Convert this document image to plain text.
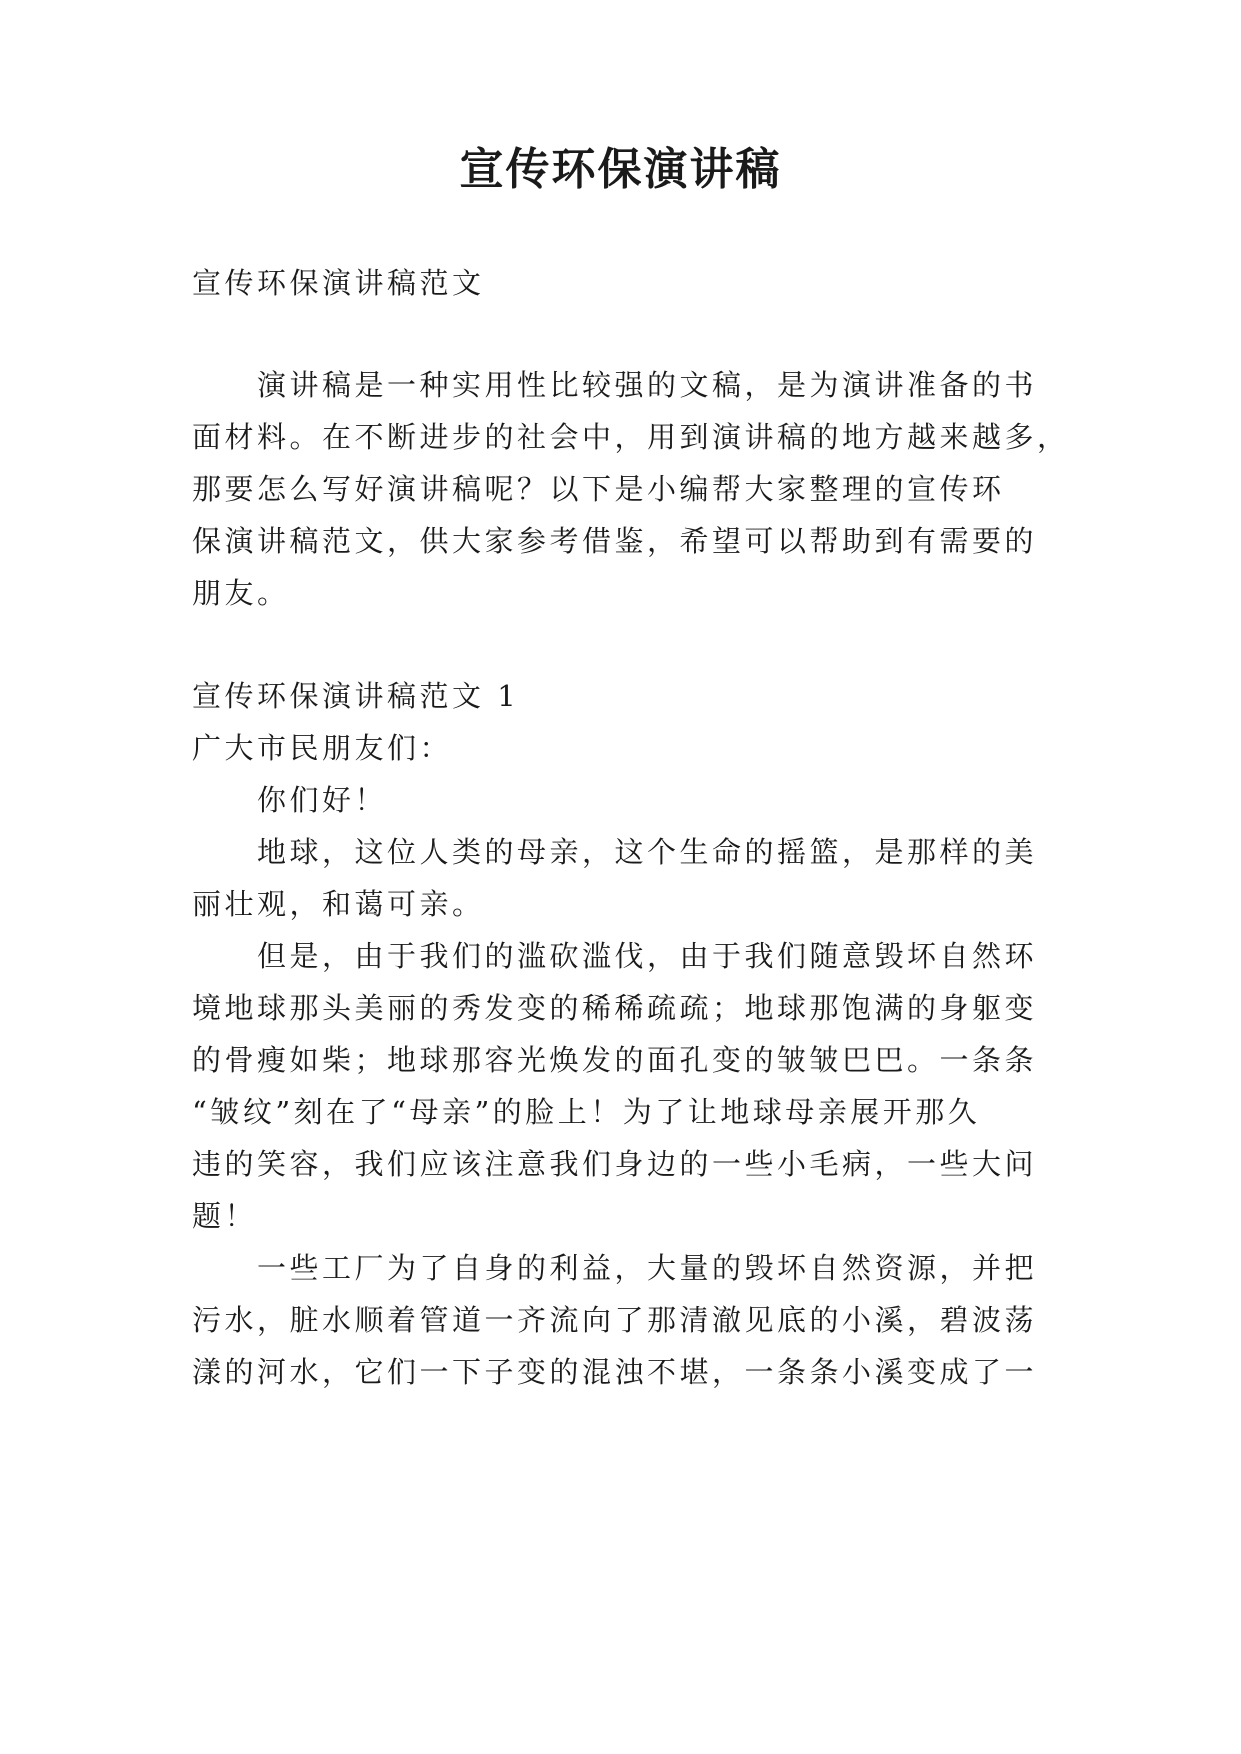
宣传环保演讲稿
宣传环保演讲稿范文
演讲稿是一种实用性比较强的文稿，是为演讲准备的书
面材料。在不断进步的社会中，用到演讲稿的地方越来越多，
那要怎么写好演讲稿呢？以下是小编帮大家整理的宣传环
保演讲稿范文，供大家参考借鉴，希望可以帮助到有需要的
朋友。
宣传环保演讲稿范文 1
广大市民朋友们：
你们好！
地球，这位人类的母亲，这个生命的摇篮，是那样的美
丽壮观，和蔼可亲。
但是，由于我们的滥砍滥伐，由于我们随意毁坏自然环
境地球那头美丽的秀发变的稀稀疏疏；地球那饱满的身躯变
的骨瘦如柴；地球那容光焕发的面孔变的皱皱巴巴。一条条
“皱纹”刻在了“母亲”的脸上！为了让地球母亲展开那久
违的笑容，我们应该注意我们身边的一些小毛病，一些大问
题！
一些工厂为了自身的利益，大量的毁坏自然资源，并把
污水，脏水顺着管道一齐流向了那清澈见底的小溪，碧波荡
漾的河水，它们一下子变的混浊不堪，一条条小溪变成了一
